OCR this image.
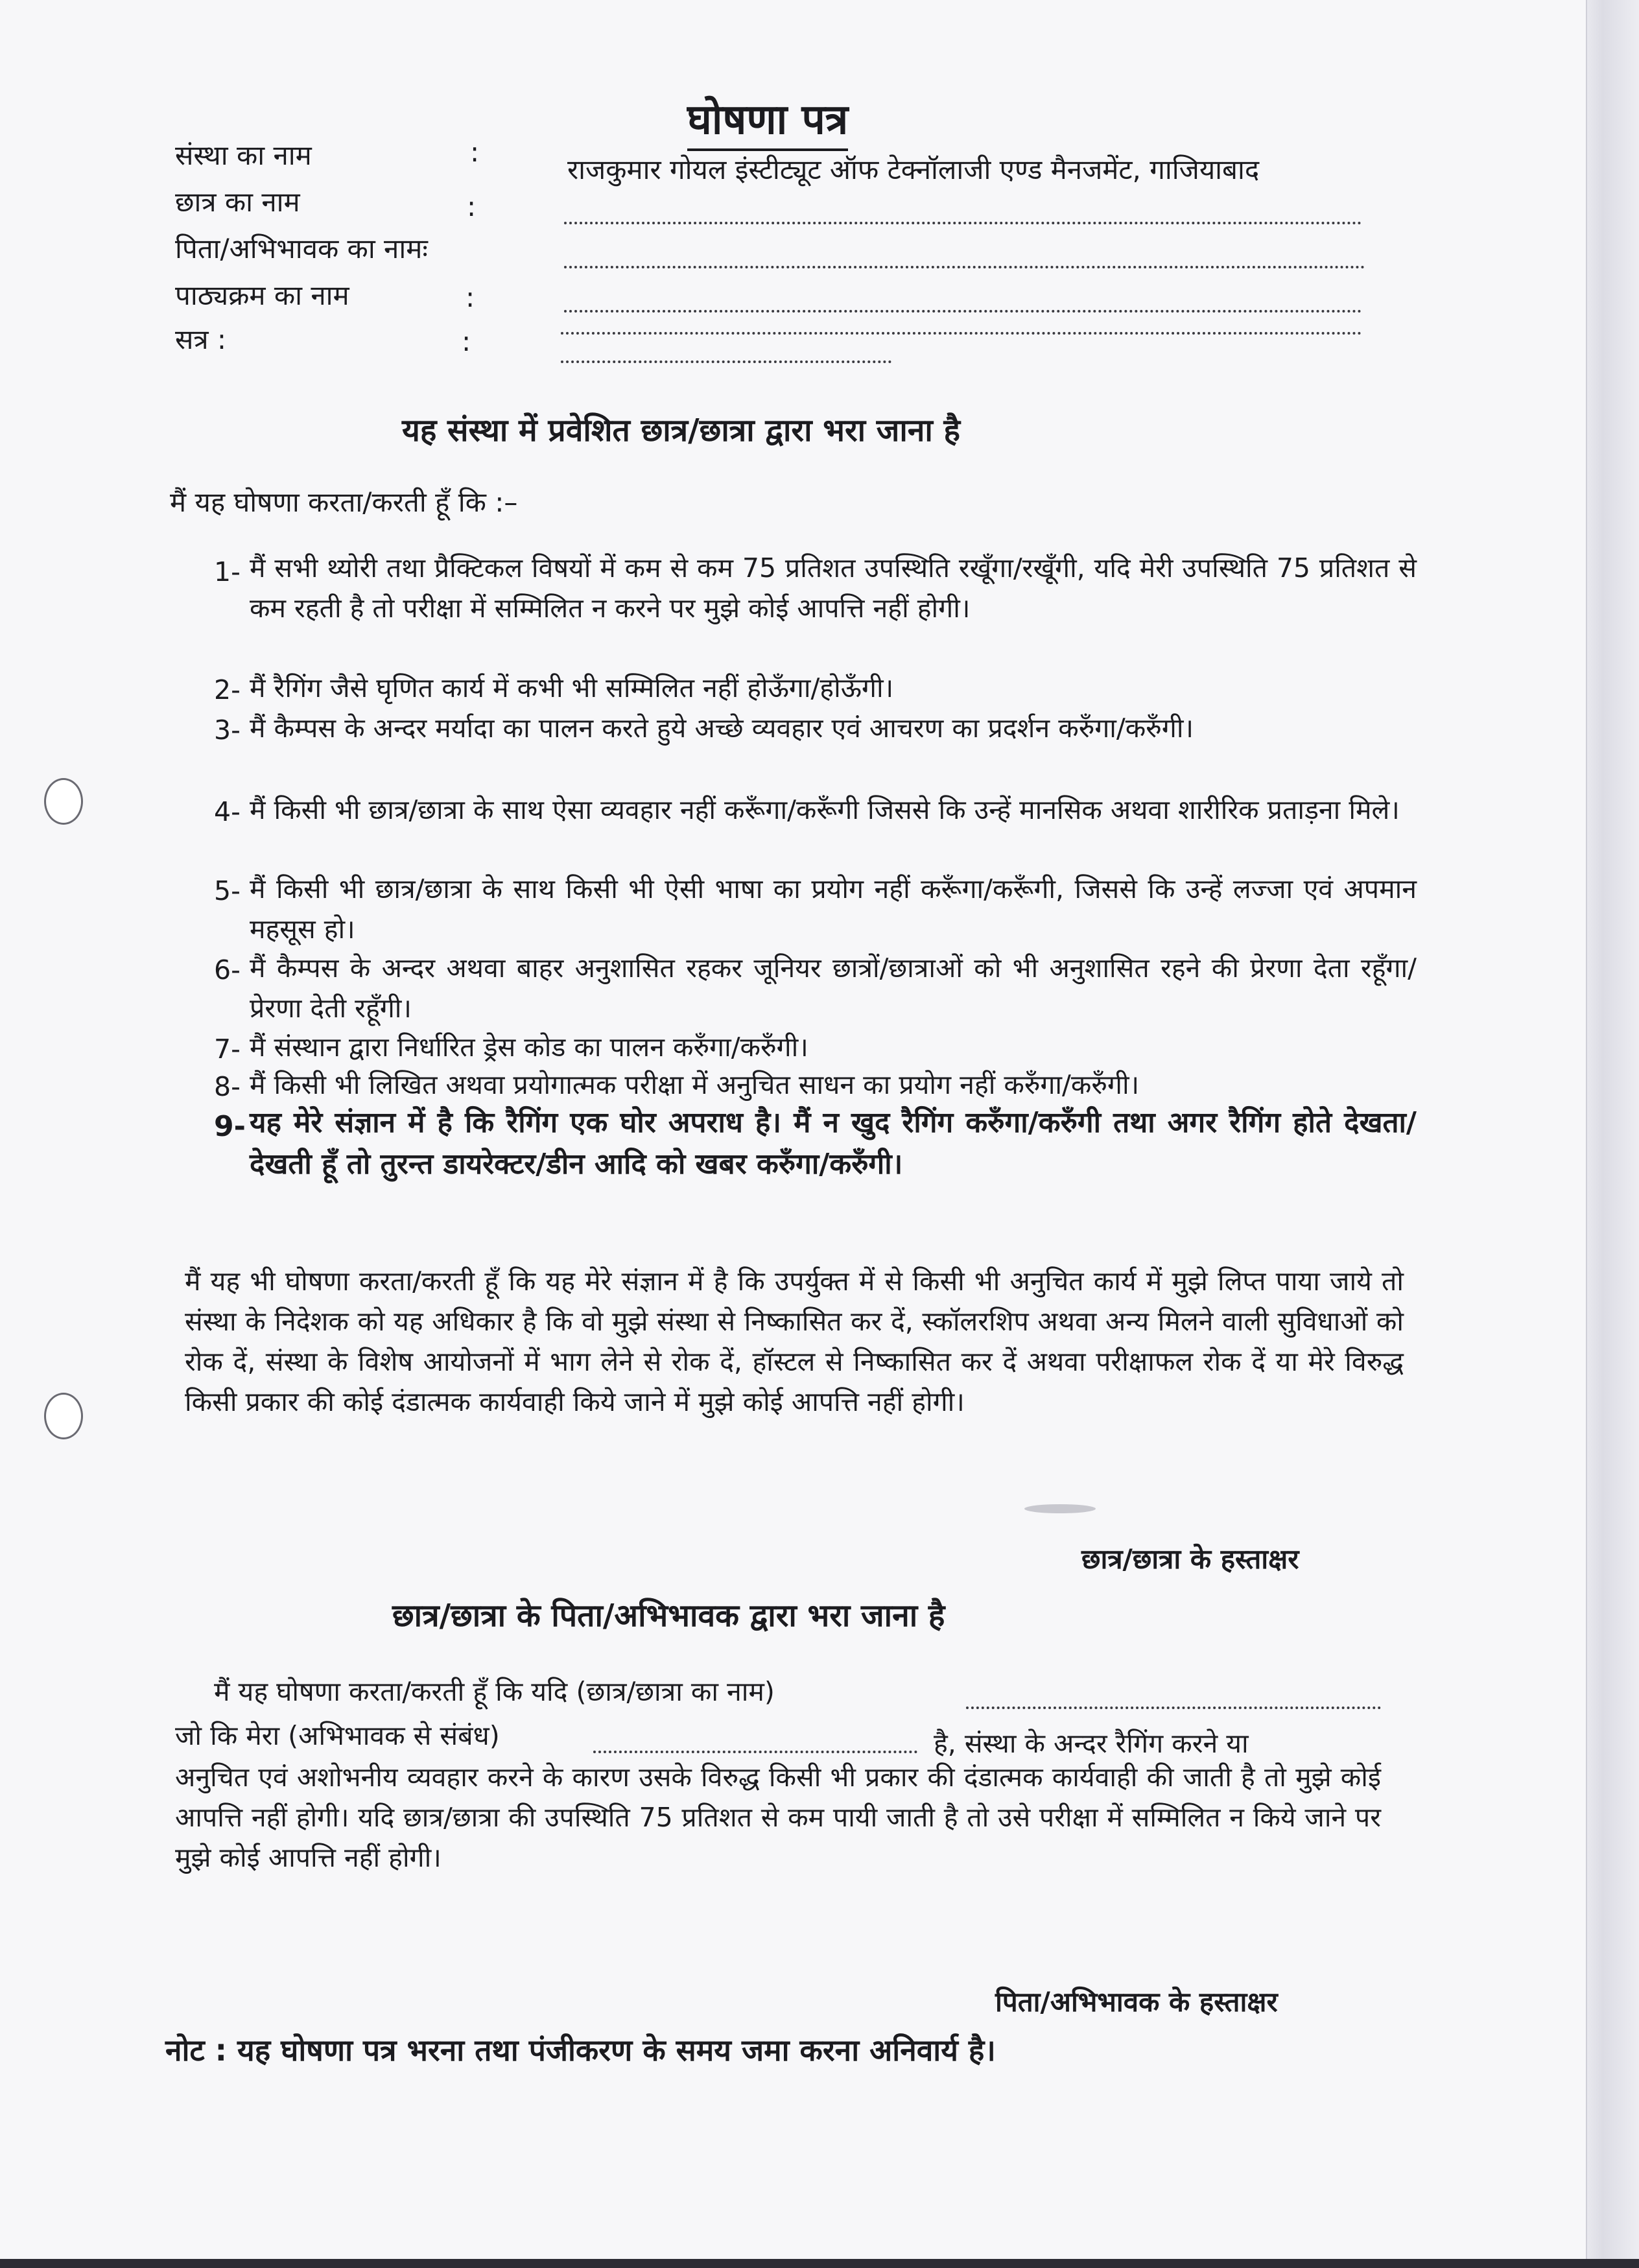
घोषणा पत्र
संस्था का नाम	:
राजकुमार गोयल इंस्टीट्यूट ऑफ टेक्नॉलाजी एण्ड मैनजमेंट, गाजियाबाद
छात्र का नाम	:
पिता/अभिभावक का नामः
पाठ्यक्रम का नाम	:
सत्र :	:
यह संस्था में प्रवेशित छात्र/छात्रा द्वारा भरा जाना है
मैं यह घोषणा करता/करती हूँ कि :–
1- मैं सभी थ्योरी तथा प्रैक्टिकल विषयों में कम से कम 75 प्रतिशत उपस्थिति रखूँगा/रखूँगी, यदि मेरी उपस्थिति 75 प्रतिशत से कम रहती है तो परीक्षा में सम्मिलित न करने पर मुझे कोई आपत्ति नहीं होगी।
2- मैं रैगिंग जैसे घृणित कार्य में कभी भी सम्मिलित नहीं होऊँगा/होऊँगी।
3- मैं कैम्पस के अन्दर मर्यादा का पालन करते हुये अच्छे व्यवहार एवं आचरण का प्रदर्शन करुँगा/करुँगी।
4- मैं किसी भी छात्र/छात्रा के साथ ऐसा व्यवहार नहीं करूँगा/करूँगी जिससे कि उन्हें मानसिक अथवा शारीरिक प्रताड़ना मिले।
5- मैं किसी भी छात्र/छात्रा के साथ किसी भी ऐसी भाषा का प्रयोग नहीं करूँगा/करूँगी, जिससे कि उन्हें लज्जा एवं अपमान महसूस हो।
6- मैं कैम्पस के अन्दर अथवा बाहर अनुशासित रहकर जूनियर छात्रों/छात्राओं को भी अनुशासित रहने की प्रेरणा देता रहूँगा/प्रेरणा देती रहूँगी।
7- मैं संस्थान द्वारा निर्धारित ड्रेस कोड का पालन करुँगा/करुँगी।
8- मैं किसी भी लिखित अथवा प्रयोगात्मक परीक्षा में अनुचित साधन का प्रयोग नहीं करुँगा/करुँगी।
9- यह मेरे संज्ञान में है कि रैगिंग एक घोर अपराध है। मैं न खुद रैगिंग करुँगा/करुँगी तथा अगर रैगिंग होते देखता/देखती हूँ तो तुरन्त डायरेक्टर/डीन आदि को खबर करुँगा/करुँगी।
मैं यह भी घोषणा करता/करती हूँ कि यह मेरे संज्ञान में है कि उपर्युक्त में से किसी भी अनुचित कार्य में मुझे लिप्त पाया जाये तो संस्था के निदेशक को यह अधिकार है कि वो मुझे संस्था से निष्कासित कर दें, स्कॉलरशिप अथवा अन्य मिलने वाली सुविधाओं को रोक दें, संस्था के विशेष आयोजनों में भाग लेने से रोक दें, हॉस्टल से निष्कासित कर दें अथवा परीक्षाफल रोक दें या मेरे विरुद्ध किसी प्रकार की कोई दंडात्मक कार्यवाही किये जाने में मुझे कोई आपत्ति नहीं होगी।
छात्र/छात्रा के हस्ताक्षर
छात्र/छात्रा के पिता/अभिभावक द्वारा भरा जाना है
मैं यह घोषणा करता/करती हूँ कि यदि (छात्र/छात्रा का नाम)
जो कि मेरा (अभिभावक से संबंध)	है, संस्था के अन्दर रैगिंग करने या
अनुचित एवं अशोभनीय व्यवहार करने के कारण उसके विरुद्ध किसी भी प्रकार की दंडात्मक कार्यवाही की जाती है तो मुझे कोई आपत्ति नहीं होगी। यदि छात्र/छात्रा की उपस्थिति 75 प्रतिशत से कम पायी जाती है तो उसे परीक्षा में सम्मिलित न किये जाने पर मुझे कोई आपत्ति नहीं होगी।
पिता/अभिभावक के हस्ताक्षर
नोट : यह घोषणा पत्र भरना तथा पंजीकरण के समय जमा करना अनिवार्य है।
